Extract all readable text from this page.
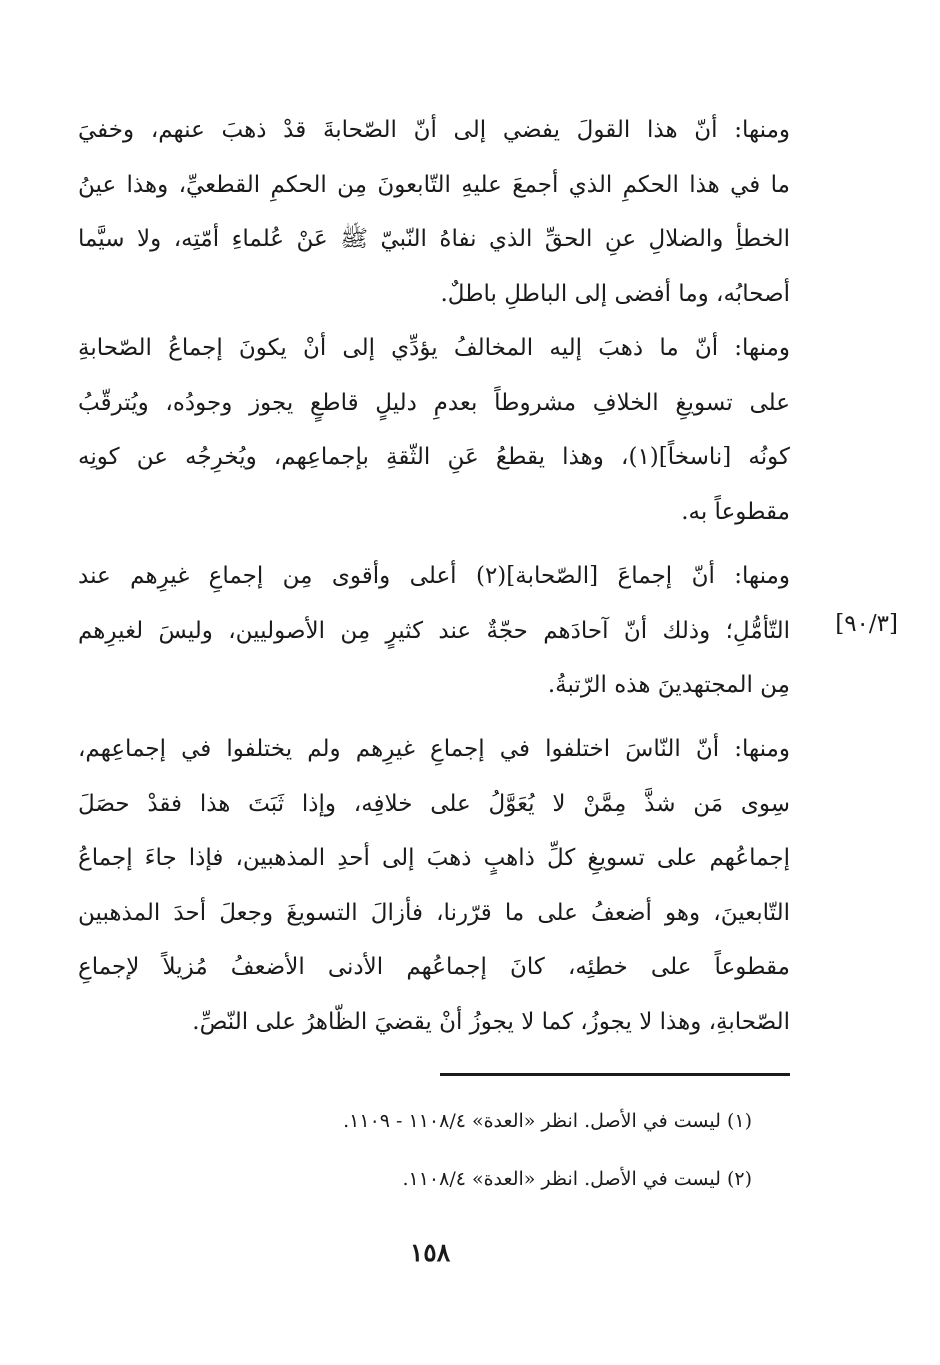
ومنها: أنّ هذا القولَ يفضي إلى أنّ الصّحابةَ قدْ ذهبَ عنهم، وخفيَ
ما في هذا الحكمِ الذي أجمعَ عليهِ التّابعونَ مِن الحكمِ القطعيِّ، وهذا عينُ
الخطأِ والضلالِ عنِ الحقِّ الذي نفاهُ النّبيّ ﷺ عَنْ عُلماءِ أمّتِه، ولا سيَّما
أصحابُه، وما أفضى إلى الباطلِ باطلٌ.

ومنها: أنّ ما ذهبَ إليه المخالفُ يؤدِّي إلى أنْ يكونَ إجماعُ الصّحابةِ
على تسويغِ الخلافِ مشروطاً بعدمِ دليلٍ قاطعٍ يجوز وجودُه، ويُترقّبُ
كونُه [ناسخاً](١)، وهذا يقطعُ عَنِ الثّقةِ بإجماعِهم، ويُخرِجُه عن كونِه
مقطوعاً به.

ومنها: أنّ إجماعَ [الصّحابة](٢) أعلى وأقوى مِن إجماعِ غيرِهم عند
التّأمُّلِ؛ وذلك أنّ آحادَهم حجّةٌ عند كثيرٍ مِن الأصوليين، وليسَ لغيرِهم
مِن المجتهدينَ هذه الرّتبةُ.

[٩٠/٣]

ومنها: أنّ النّاسَ اختلفوا في إجماعِ غيرِهم ولم يختلفوا في إجماعِهم،
سِوى مَن شذَّ مِمَّنْ لا يُعَوَّلُ على خلافِه، وإذا ثَبَتَ هذا فقدْ حصَلَ
إجماعُهم على تسويغِ كلِّ ذاهبٍ ذهبَ إلى أحدِ المذهبين، فإذا جاءَ إجماعُ
التّابعينَ، وهو أضعفُ على ما قرّرنا، فأزالَ التسويغَ وجعلَ أحدَ المذهبين
مقطوعاً على خطئِه، كانَ إجماعُهم الأدنى الأضعفُ مُزيلاً لإجماعِ
الصّحابةِ، وهذا لا يجوزُ، كما لا يجوزُ أنْ يقضيَ الظّاهرُ على النّصِّ.

(١) ليست في الأصل. انظر «العدة» ١١٠٨/٤ - ١١٠٩.
(٢) ليست في الأصل. انظر «العدة» ١١٠٨/٤.
١٥٨
